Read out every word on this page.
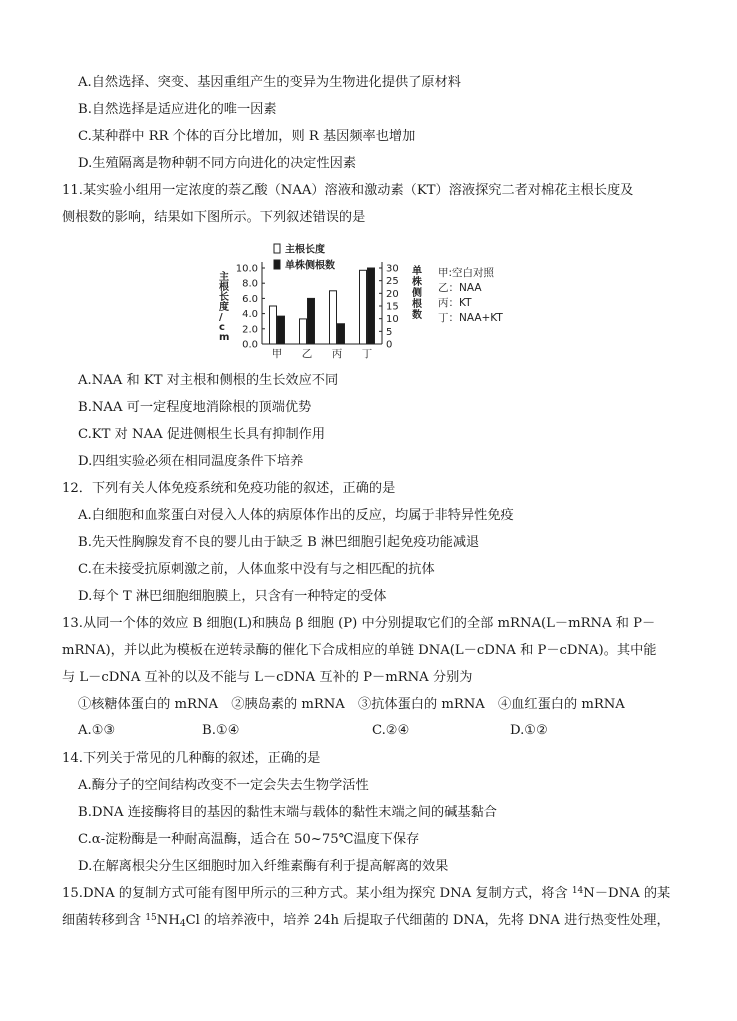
A.自然选择、突变、基因重组产生的变异为生物进化提供了原材料
B.自然选择是适应进化的唯一因素
C.某种群中 RR 个体的百分比增加，则 R 基因频率也增加
D.生殖隔离是物种朝不同方向进化的决定性因素
11.某实验小组用一定浓度的萘乙酸（NAA）溶液和激动素（KT）溶液探究二者对棉花主根长度及
侧根数的影响，结果如下图所示。下列叙述错误的是
10.0
8.0
6.0
4.0
2.0
0.0
30
25
20
15
10
5
0
主根长度/ c m
单株侧根数
甲 乙 丙 丁
主根长度
单株侧根数
甲:空白对照
乙：NAA
丙：KT
丁：NAA+KT
A.NAA 和 KT 对主根和侧根的生长效应不同
B.NAA 可一定程度地消除根的顶端优势
C.KT 对 NAA 促进侧根生长具有抑制作用
D.四组实验必须在相同温度条件下培养
12．下列有关人体免疫系统和免疫功能的叙述，正确的是
A.白细胞和血浆蛋白对侵入人体的病原体作出的反应，均属于非特异性免疫
B.先天性胸腺发育不良的婴儿由于缺乏 B 淋巴细胞引起免疫功能减退
C.在未接受抗原刺激之前，人体血浆中没有与之相匹配的抗体
D.每个 T 淋巴细胞细胞膜上，只含有一种特定的受体
13.从同一个体的效应 B 细胞(L)和胰岛 β 细胞 (P) 中分别提取它们的全部 mRNA(L－mRNA 和 P－
mRNA)，并以此为模板在逆转录酶的催化下合成相应的单链 DNA(L－cDNA 和 P－cDNA)。其中能
与 L－cDNA 互补的以及不能与 L－cDNA 互补的 P－mRNA 分别为
①核糖体蛋白的 mRNA　②胰岛素的 mRNA　③抗体蛋白的 mRNA　④血红蛋白的 mRNA
A.①③	B.①④	C.②④	D.①②
14.下列关于常见的几种酶的叙述，正确的是
A.酶分子的空间结构改变不一定会失去生物学活性
B.DNA 连接酶将目的基因的黏性末端与载体的黏性末端之间的碱基黏合
C.α-淀粉酶是一种耐高温酶，适合在 50~75℃温度下保存
D.在解离根尖分生区细胞时加入纤维素酶有利于提高解离的效果
15.DNA 的复制方式可能有图甲所示的三种方式。某小组为探究 DNA 复制方式，将含 $^{14}$N－DNA 的某
细菌转移到含 $^{15}NH_4Cl$ 的培养液中，培养 24h 后提取子代细菌的 DNA，先将 DNA 进行热变性处理，
